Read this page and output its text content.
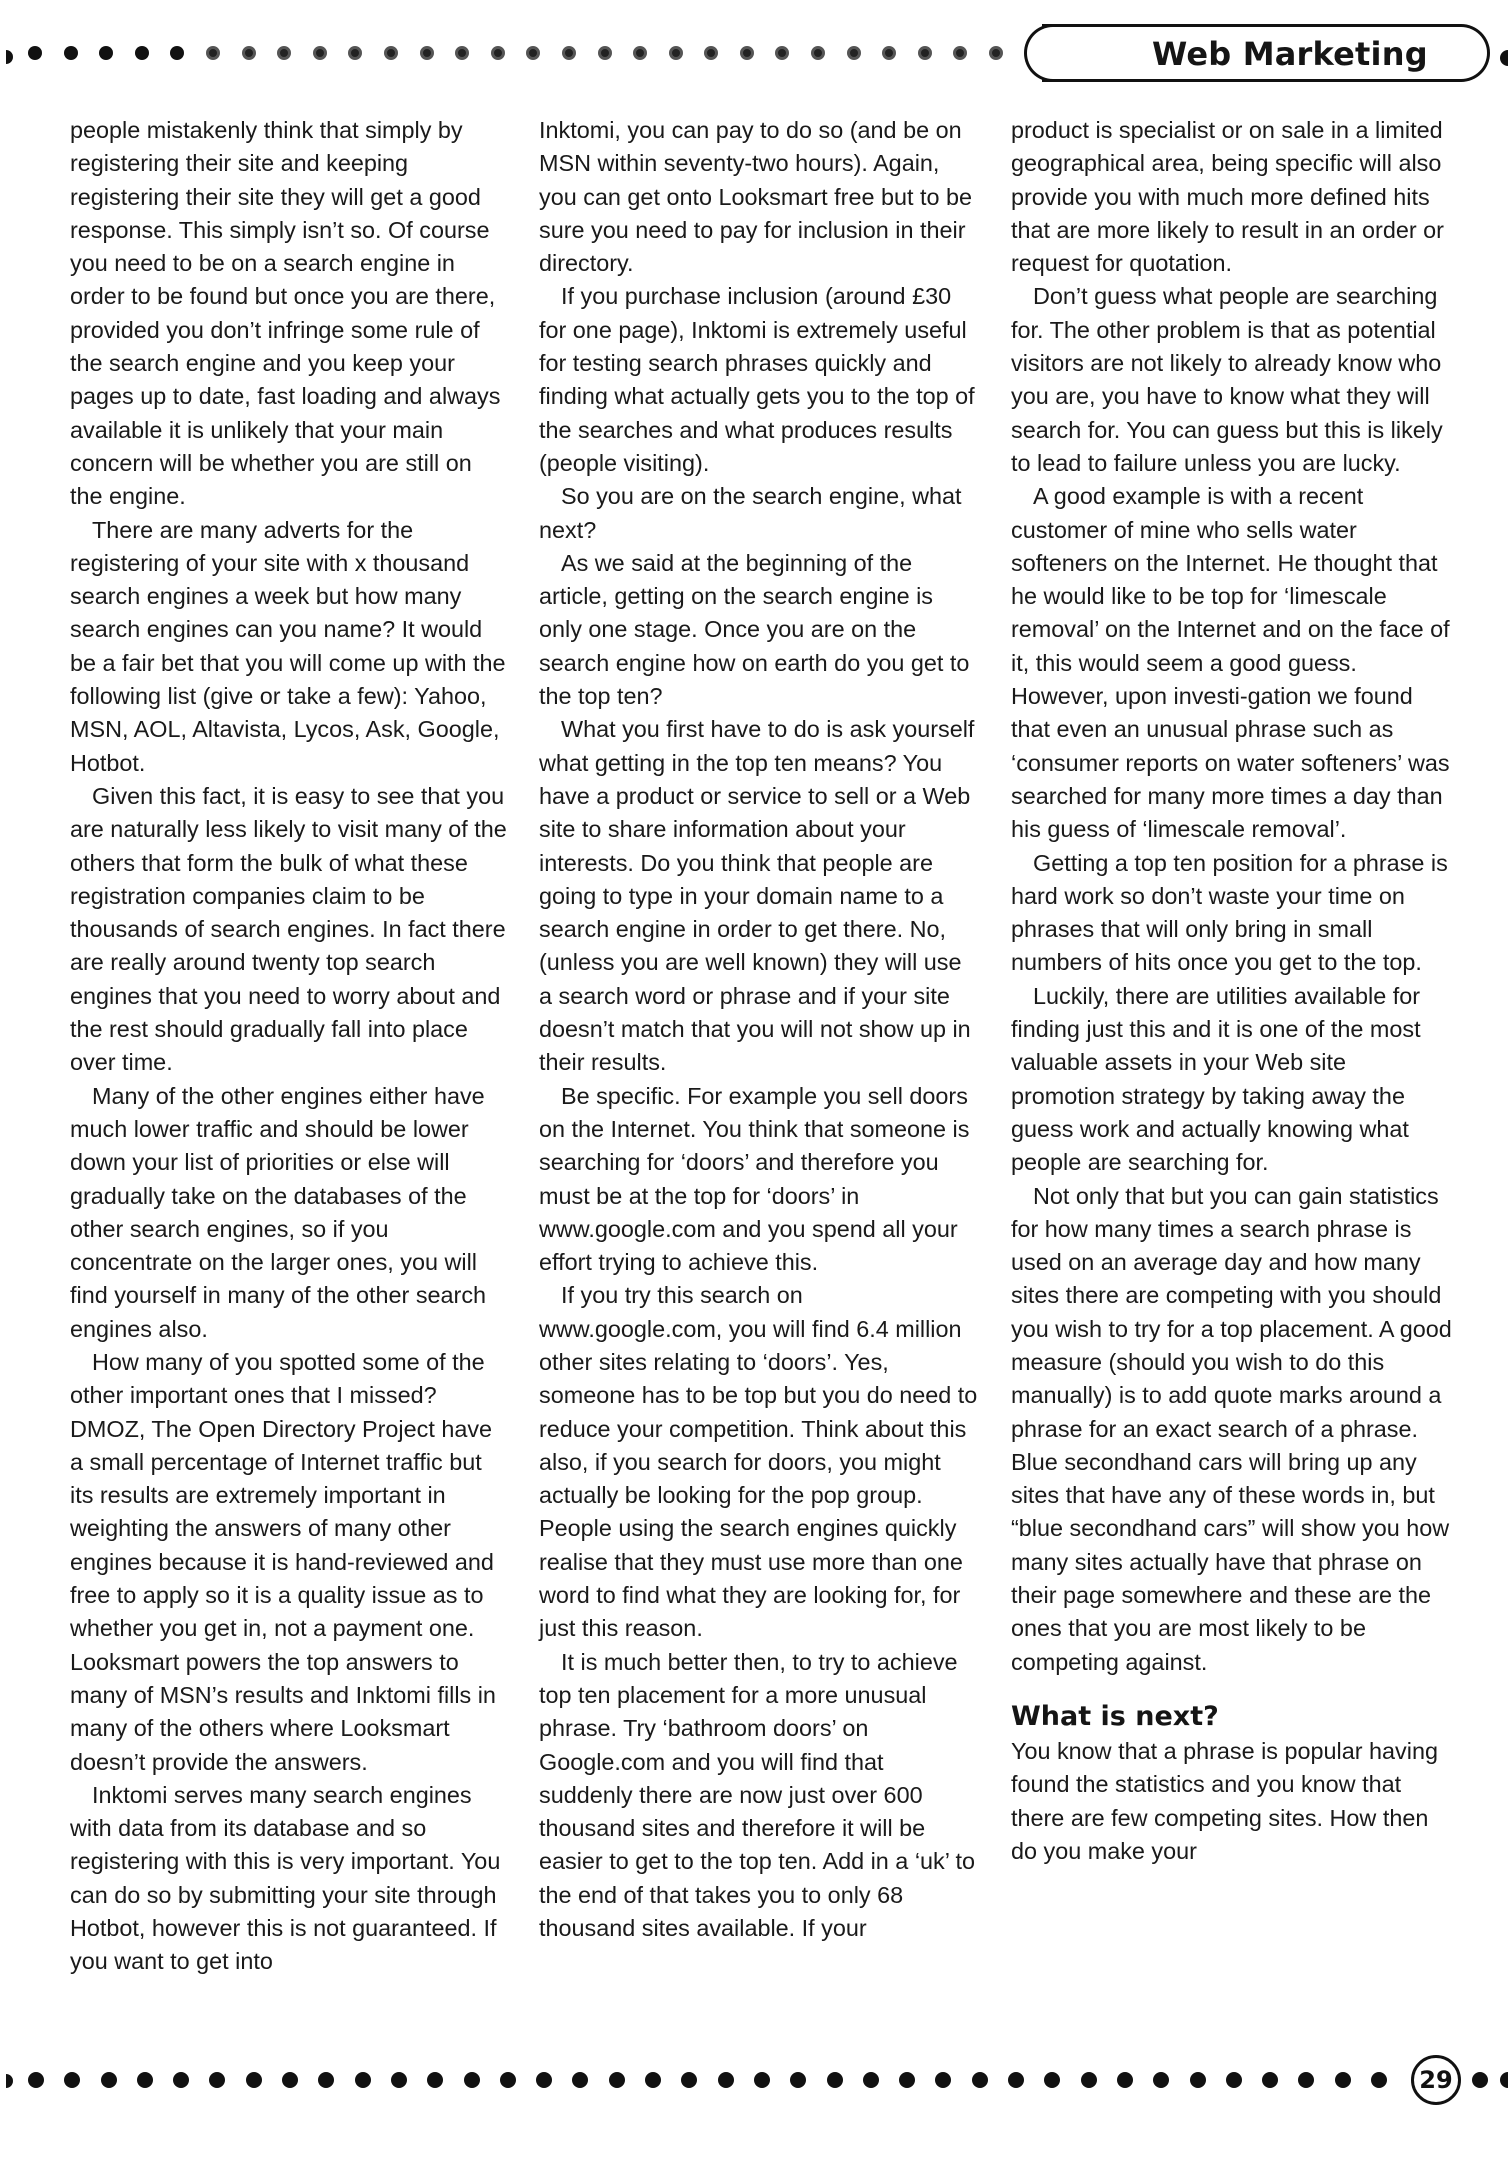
Web Marketing

people mistakenly think that simply by registering their site and keeping registering their site they will get a good response. This simply isn’t so. Of course you need to be on a search engine in order to be found but once you are there, provided you don’t infringe some rule of the search engine and you keep your pages up to date, fast loading and always available it is unlikely that your main concern will be whether you are still on the engine.

There are many adverts for the registering of your site with x thousand search engines a week but how many search engines can you name? It would be a fair bet that you will come up with the following list (give or take a few): Yahoo, MSN, AOL, Altavista, Lycos, Ask, Google, Hotbot.

Given this fact, it is easy to see that you are naturally less likely to visit many of the others that form the bulk of what these registration companies claim to be thousands of search engines. In fact there are really around twenty top search engines that you need to worry about and the rest should gradually fall into place over time.

Many of the other engines either have much lower traffic and should be lower down your list of priorities or else will gradually take on the databases of the other search engines, so if you concentrate on the larger ones, you will find yourself in many of the other search engines also.

How many of you spotted some of the other important ones that I missed? DMOZ, The Open Directory Project have a small percentage of Internet traffic but its results are extremely important in weighting the answers of many other engines because it is hand-reviewed and free to apply so it is a quality issue as to whether you get in, not a payment one. Looksmart powers the top answers to many of MSN’s results and Inktomi fills in many of the others where Looksmart doesn’t provide the answers.

Inktomi serves many search engines with data from its database and so registering with this is very important. You can do so by submitting your site through Hotbot, however this is not guaranteed. If you want to get into

Inktomi, you can pay to do so (and be on MSN within seventy-two hours). Again, you can get onto Looksmart free but to be sure you need to pay for inclusion in their directory.

If you purchase inclusion (around £30 for one page), Inktomi is extremely useful for testing search phrases quickly and finding what actually gets you to the top of the searches and what produces results (people visiting).

So you are on the search engine, what next?

As we said at the beginning of the article, getting on the search engine is only one stage. Once you are on the search engine how on earth do you get to the top ten?

What you first have to do is ask yourself what getting in the top ten means? You have a product or service to sell or a Web site to share information about your interests. Do you think that people are going to type in your domain name to a search engine in order to get there. No, (unless you are well known) they will use a search word or phrase and if your site doesn’t match that you will not show up in their results.

Be specific. For example you sell doors on the Internet. You think that someone is searching for ‘doors’ and therefore you must be at the top for ‘doors’ in www.google.com and you spend all your effort trying to achieve this.

If you try this search on www.google.com, you will find 6.4 million other sites relating to ‘doors’. Yes, someone has to be top but you do need to reduce your competition. Think about this also, if you search for doors, you might actually be looking for the pop group. People using the search engines quickly realise that they must use more than one word to find what they are looking for, for just this reason.

It is much better then, to try to achieve top ten placement for a more unusual phrase. Try ‘bathroom doors’ on Google.com and you will find that suddenly there are now just over 600 thousand sites and therefore it will be easier to get to the top ten. Add in a ‘uk’ to the end of that takes you to only 68 thousand sites available. If your

product is specialist or on sale in a limited geographical area, being specific will also provide you with much more defined hits that are more likely to result in an order or request for quotation.

Don’t guess what people are searching for. The other problem is that as potential visitors are not likely to already know who you are, you have to know what they will search for. You can guess but this is likely to lead to failure unless you are lucky.

A good example is with a recent customer of mine who sells water softeners on the Internet. He thought that he would like to be top for ‘limescale removal’ on the Internet and on the face of it, this would seem a good guess. However, upon investi-gation we found that even an unusual phrase such as ‘consumer reports on water softeners’ was searched for many more times a day than his guess of ‘limescale removal’.

Getting a top ten position for a phrase is hard work so don’t waste your time on phrases that will only bring in small numbers of hits once you get to the top.

Luckily, there are utilities available for finding just this and it is one of the most valuable assets in your Web site promotion strategy by taking away the guess work and actually knowing what people are searching for.

Not only that but you can gain statistics for how many times a search phrase is used on an average day and how many sites there are competing with you should you wish to try for a top placement. A good measure (should you wish to do this manually) is to add quote marks around a phrase for an exact search of a phrase. Blue secondhand cars will bring up any sites that have any of these words in, but “blue secondhand cars” will show you how many sites actually have that phrase on their page somewhere and these are the ones that you are most likely to be competing against.

What is next?

You know that a phrase is popular having found the statistics and you know that there are few competing sites. How then do you make your

29
